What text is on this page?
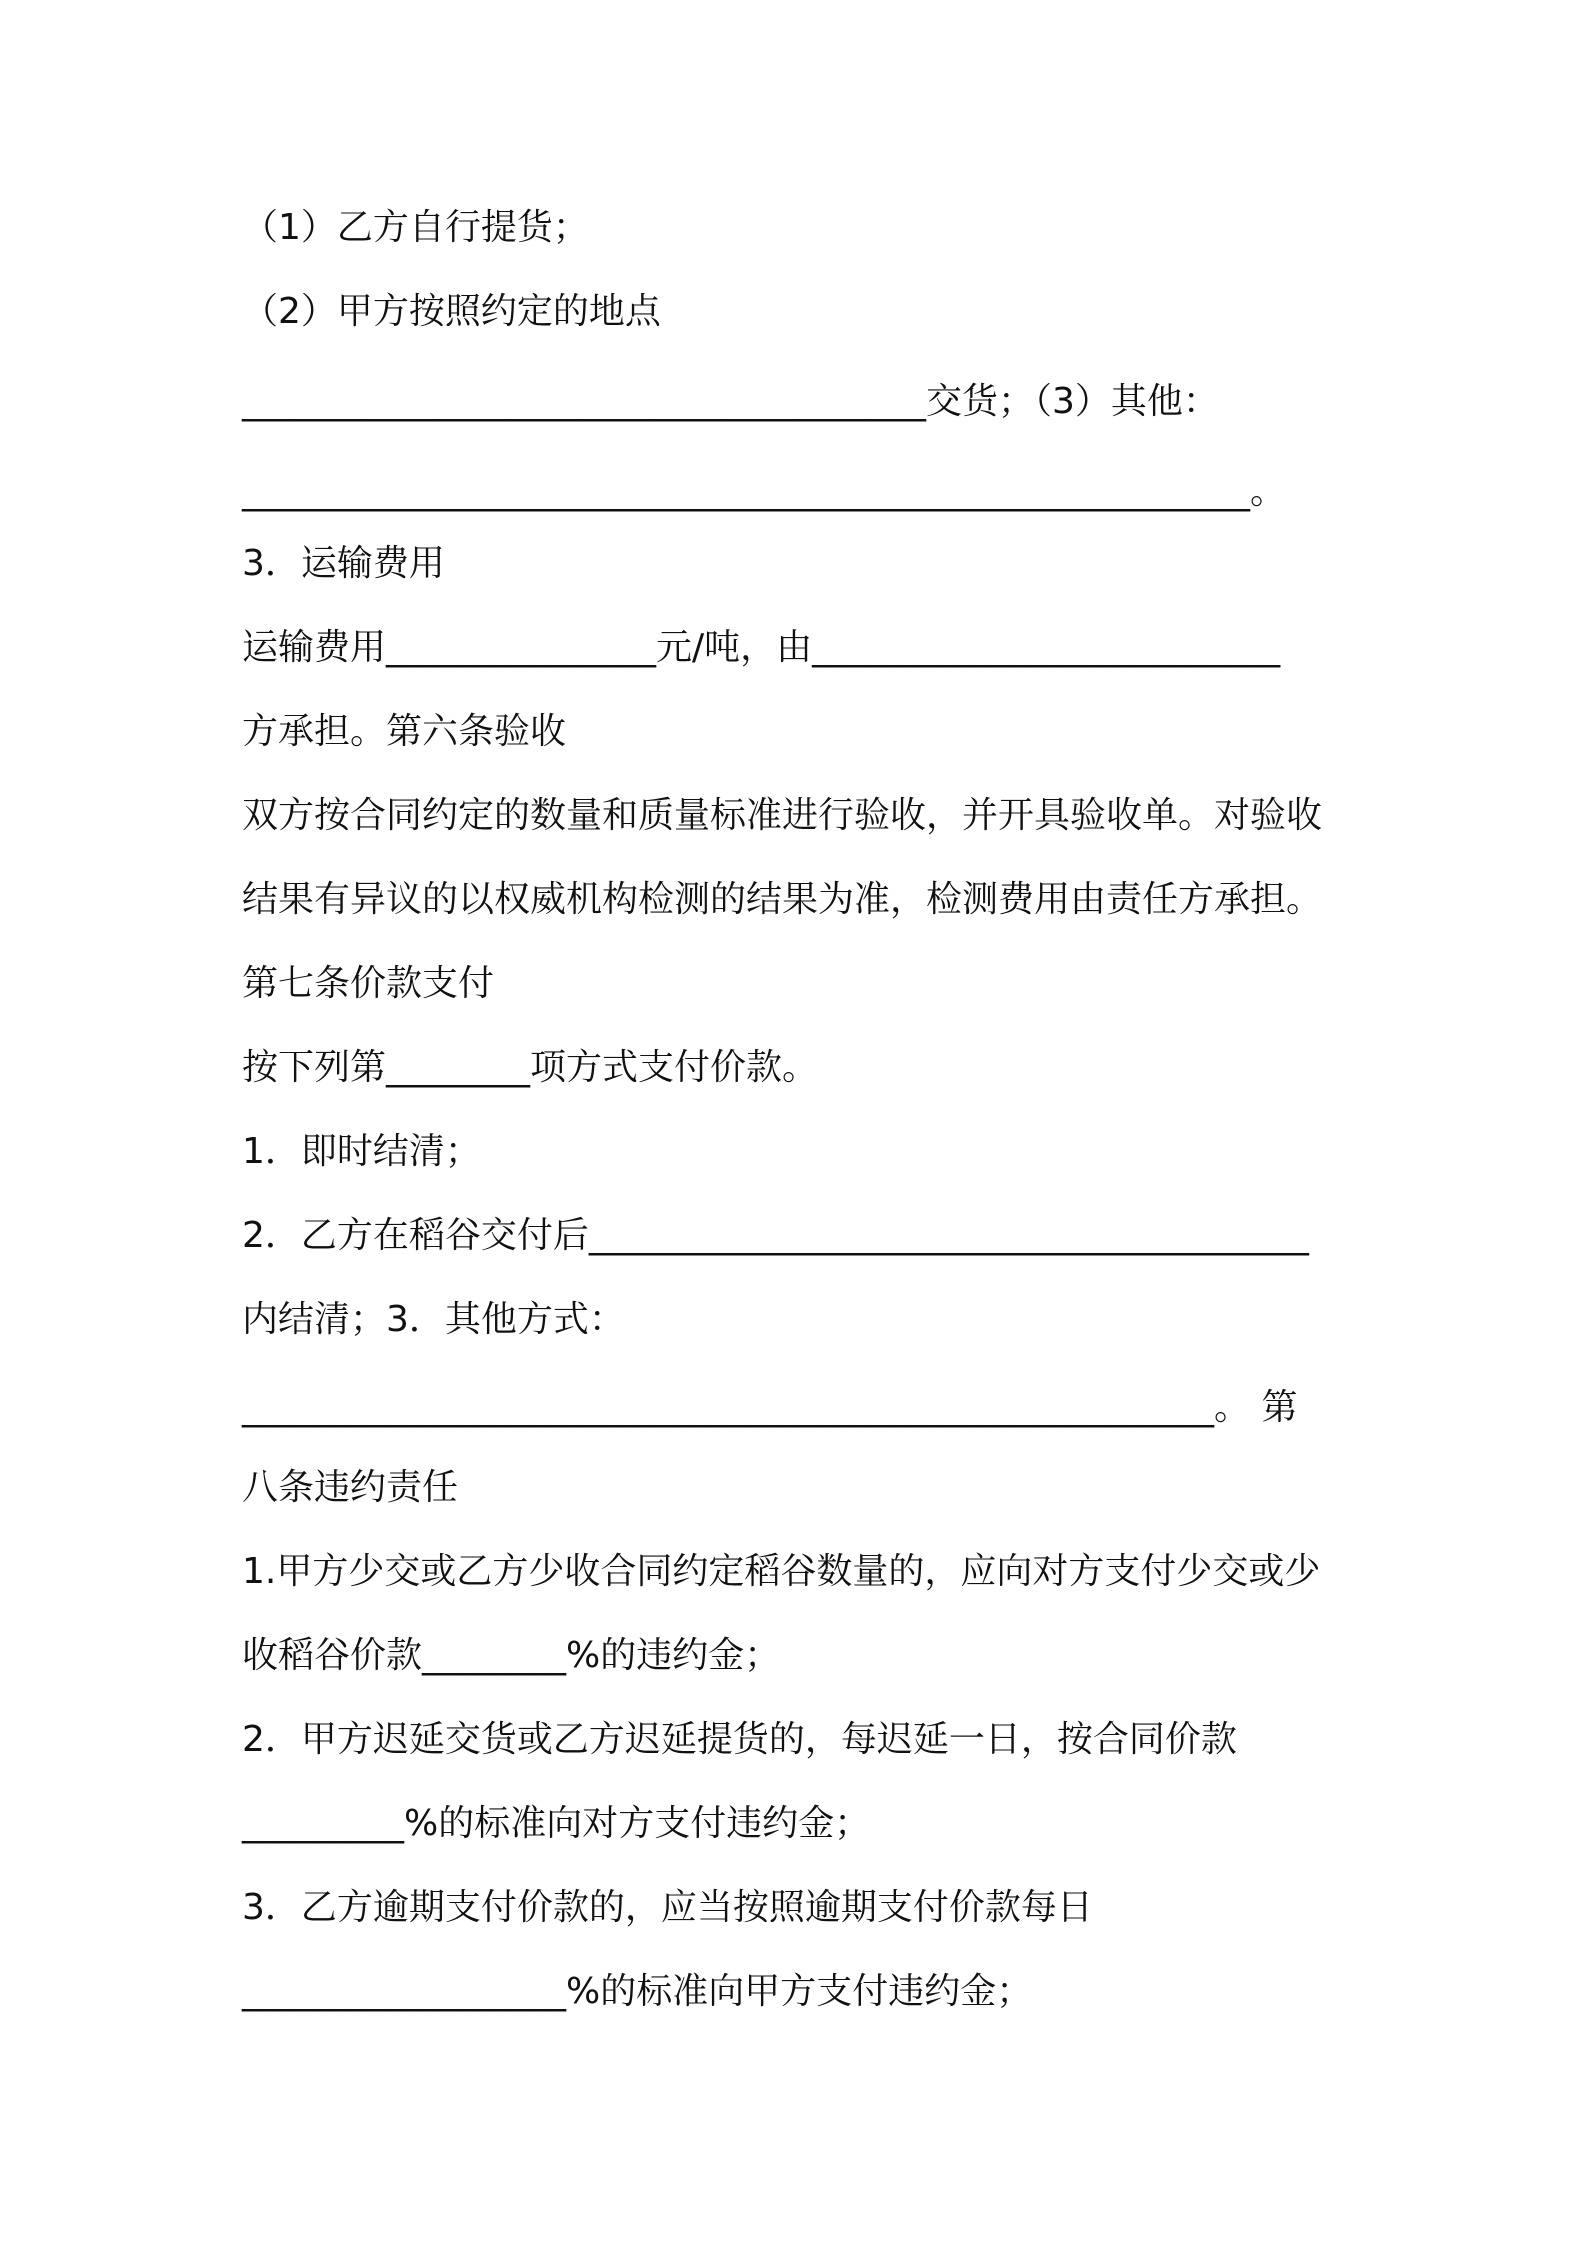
（1）乙方自行提货；
（2）甲方按照约定的地点
______________________________________交货；（3）其他：
________________________________________________________。
3．运输费用
运输费用_______________元/吨，由__________________________
方承担。第六条验收
双方按合同约定的数量和质量标准进行验收，并开具验收单。对验收
结果有异议的以权威机构检测的结果为准，检测费用由责任方承担。
第七条价款支付
按下列第________项方式支付价款。
1．即时结清；
2．乙方在稻谷交付后________________________________________
内结清；3．其他方式：
______________________________________________________。 第
八条违约责任
1.甲方少交或乙方少收合同约定稻谷数量的，应向对方支付少交或少
收稻谷价款________%的违约金；
2．甲方迟延交货或乙方迟延提货的，每迟延一日，按合同价款
_________%的标准向对方支付违约金；
3．乙方逾期支付价款的，应当按照逾期支付价款每日
__________________%的标准向甲方支付违约金；
